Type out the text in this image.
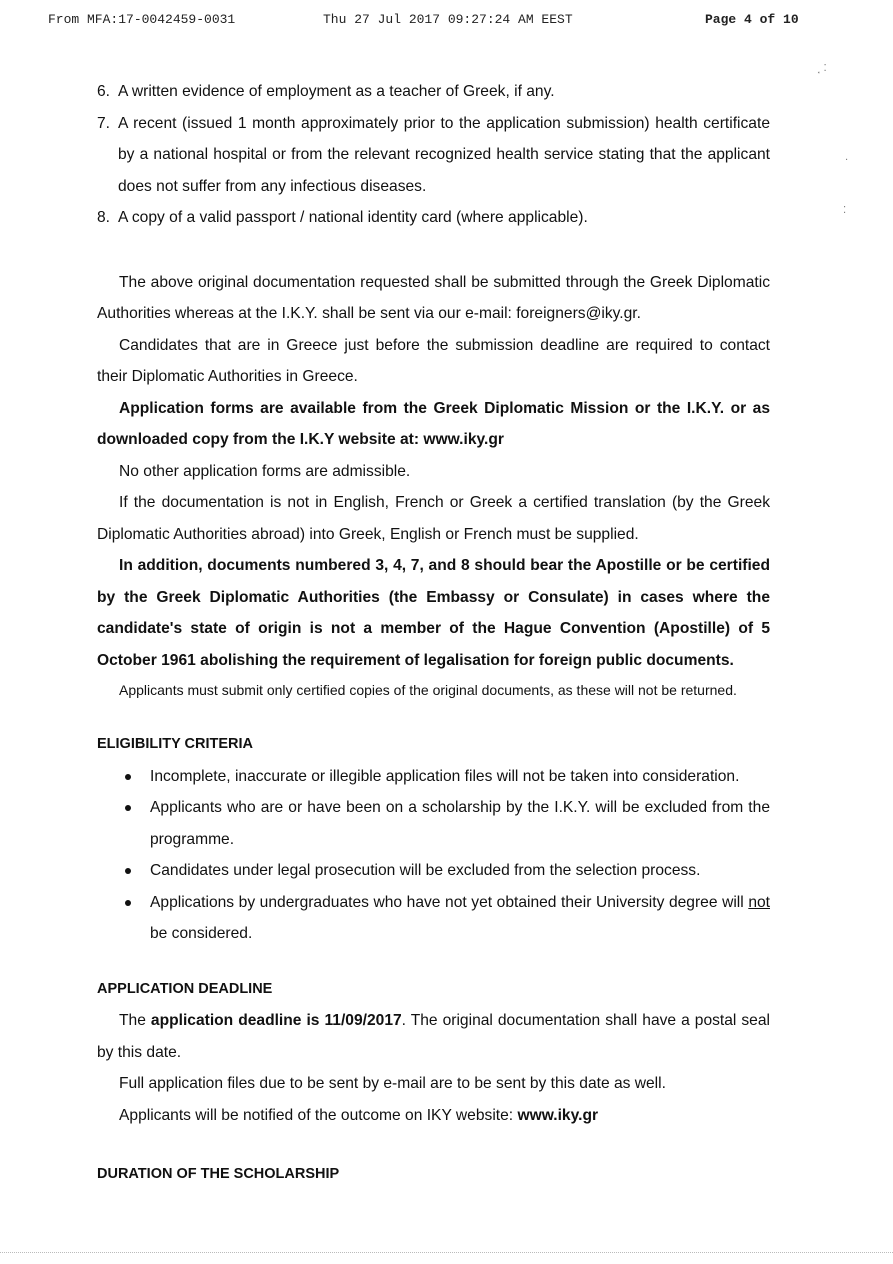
From MFA:17-0042459-0031	Thu 27 Jul 2017 09:27:24 AM EEST	Page 4 of 10
⸼ ⁚
·
⁚
6. A written evidence of employment as a teacher of Greek, if any.
7. A recent (issued 1 month approximately prior to the application submission) health certificate by a national hospital or from the relevant recognized health service stating that the applicant does not suffer from any infectious diseases.
8. A copy of a valid passport / national identity card (where applicable).

The above original documentation requested shall be submitted through the Greek Diplomatic Authorities whereas at the I.K.Y. shall be sent via our e-mail: foreigners@iky.gr.

Candidates that are in Greece just before the submission deadline are required to contact their Diplomatic Authorities in Greece.

Application forms are available from the Greek Diplomatic Mission or the I.K.Y. or as downloaded copy from the I.K.Y website at: www.iky.gr

No other application forms are admissible.

If the documentation is not in English, French or Greek a certified translation (by the Greek Diplomatic Authorities abroad) into Greek, English or French must be supplied.

In addition, documents numbered 3, 4, 7, and 8 should bear the Apostille or be certified by the Greek Diplomatic Authorities (the Embassy or Consulate) in cases where the candidate's state of origin is not a member of the Hague Convention (Apostille) of 5 October 1961 abolishing the requirement of legalisation for foreign public documents.

Applicants must submit only certified copies of the original documents, as these will not be returned.

ELIGIBILITY CRITERIA

Incomplete, inaccurate or illegible application files will not be taken into consideration.
Applicants who are or have been on a scholarship by the I.K.Y. will be excluded from the programme.
Candidates under legal prosecution will be excluded from the selection process.
Applications by undergraduates who have not yet obtained their University degree will not be considered.

APPLICATION DEADLINE

The application deadline is 11/09/2017. The original documentation shall have a postal seal by this date.

Full application files due to be sent by e-mail are to be sent by this date as well.

Applicants will be notified of the outcome on IKY website: www.iky.gr

DURATION OF THE SCHOLARSHIP
